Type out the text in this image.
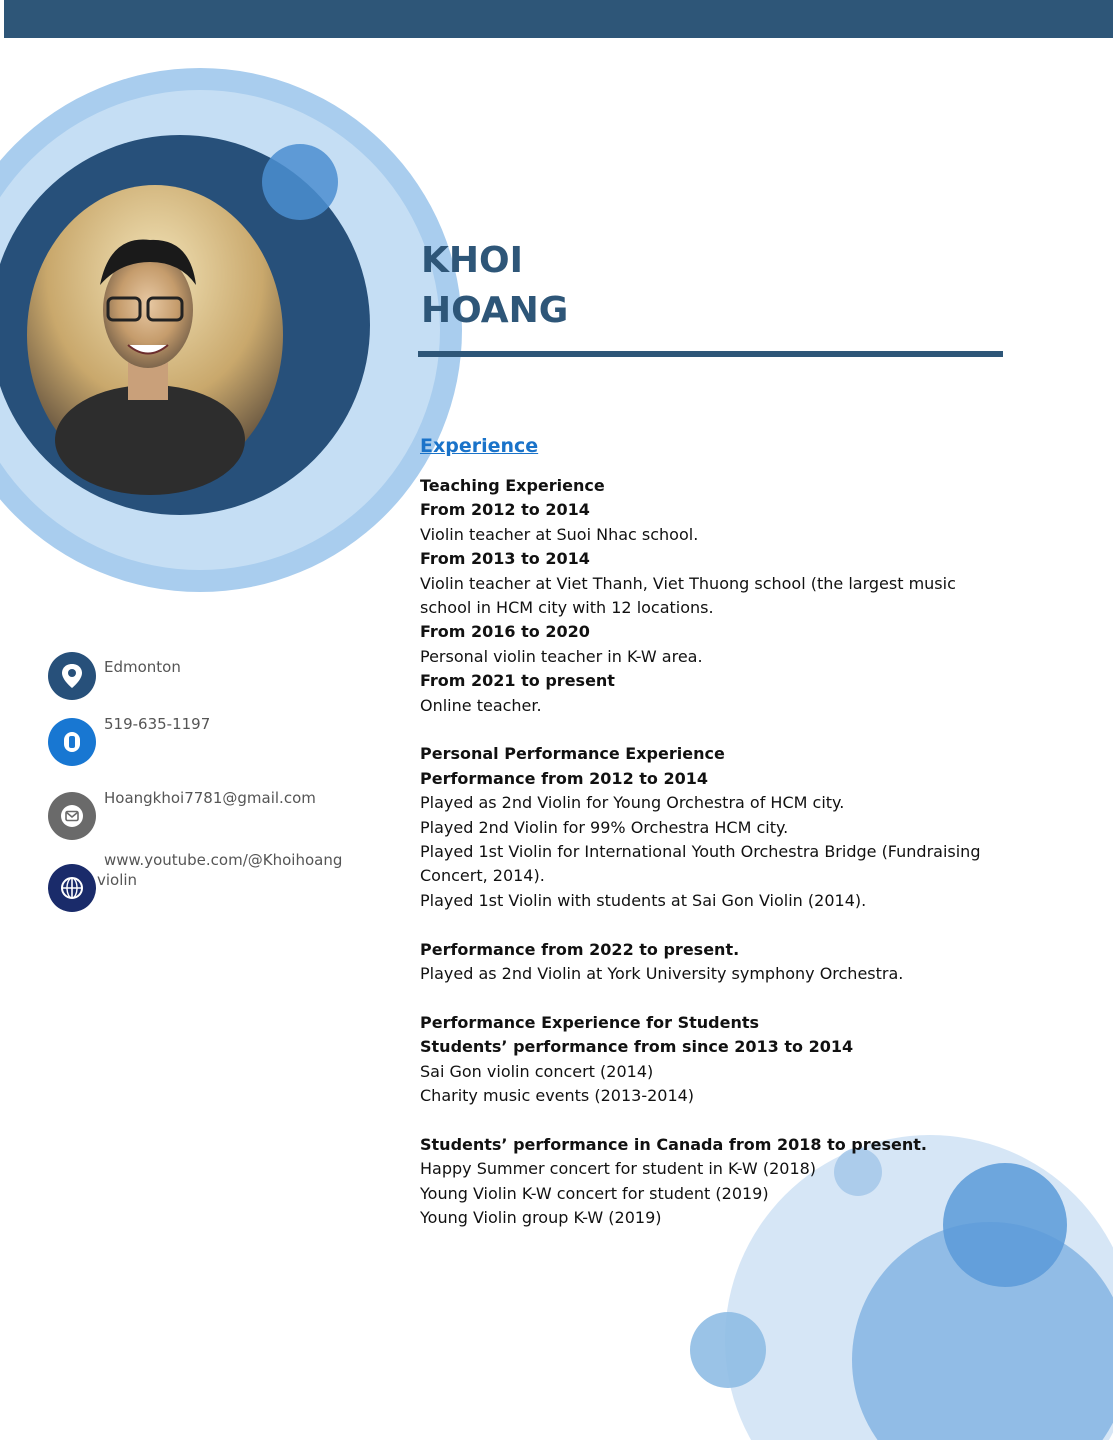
KHOI
HOANG
Edmonton
519-635-1197
Hoangkhoi7781@gmail.com
www.youtube.com/@Khoihoang
violin
Experience
Teaching Experience
From 2012 to 2014
Violin teacher at Suoi Nhac school.
From 2013 to 2014
Violin teacher at Viet Thanh, Viet Thuong school (the largest music school in HCM city with 12 locations.
From 2016 to 2020
Personal violin teacher in K-W area.
From 2021 to present
Online teacher.
Personal Performance Experience
Performance from 2012 to 2014
Played as 2nd Violin for Young Orchestra of HCM city.
Played 2nd Violin for 99% Orchestra HCM city.
Played 1st Violin for International Youth Orchestra Bridge (Fundraising Concert, 2014).
Played 1st Violin with students at Sai Gon Violin (2014).
Performance from 2022 to present.
Played as 2nd Violin at York University symphony Orchestra.
Performance Experience for Students
Students’ performance from since 2013 to 2014
Sai Gon violin concert (2014)
Charity music events (2013-2014)
Students’ performance in Canada from 2018 to present.
Happy Summer concert for student in K-W (2018)
Young Violin K-W concert for student (2019)
Young Violin group K-W (2019)
